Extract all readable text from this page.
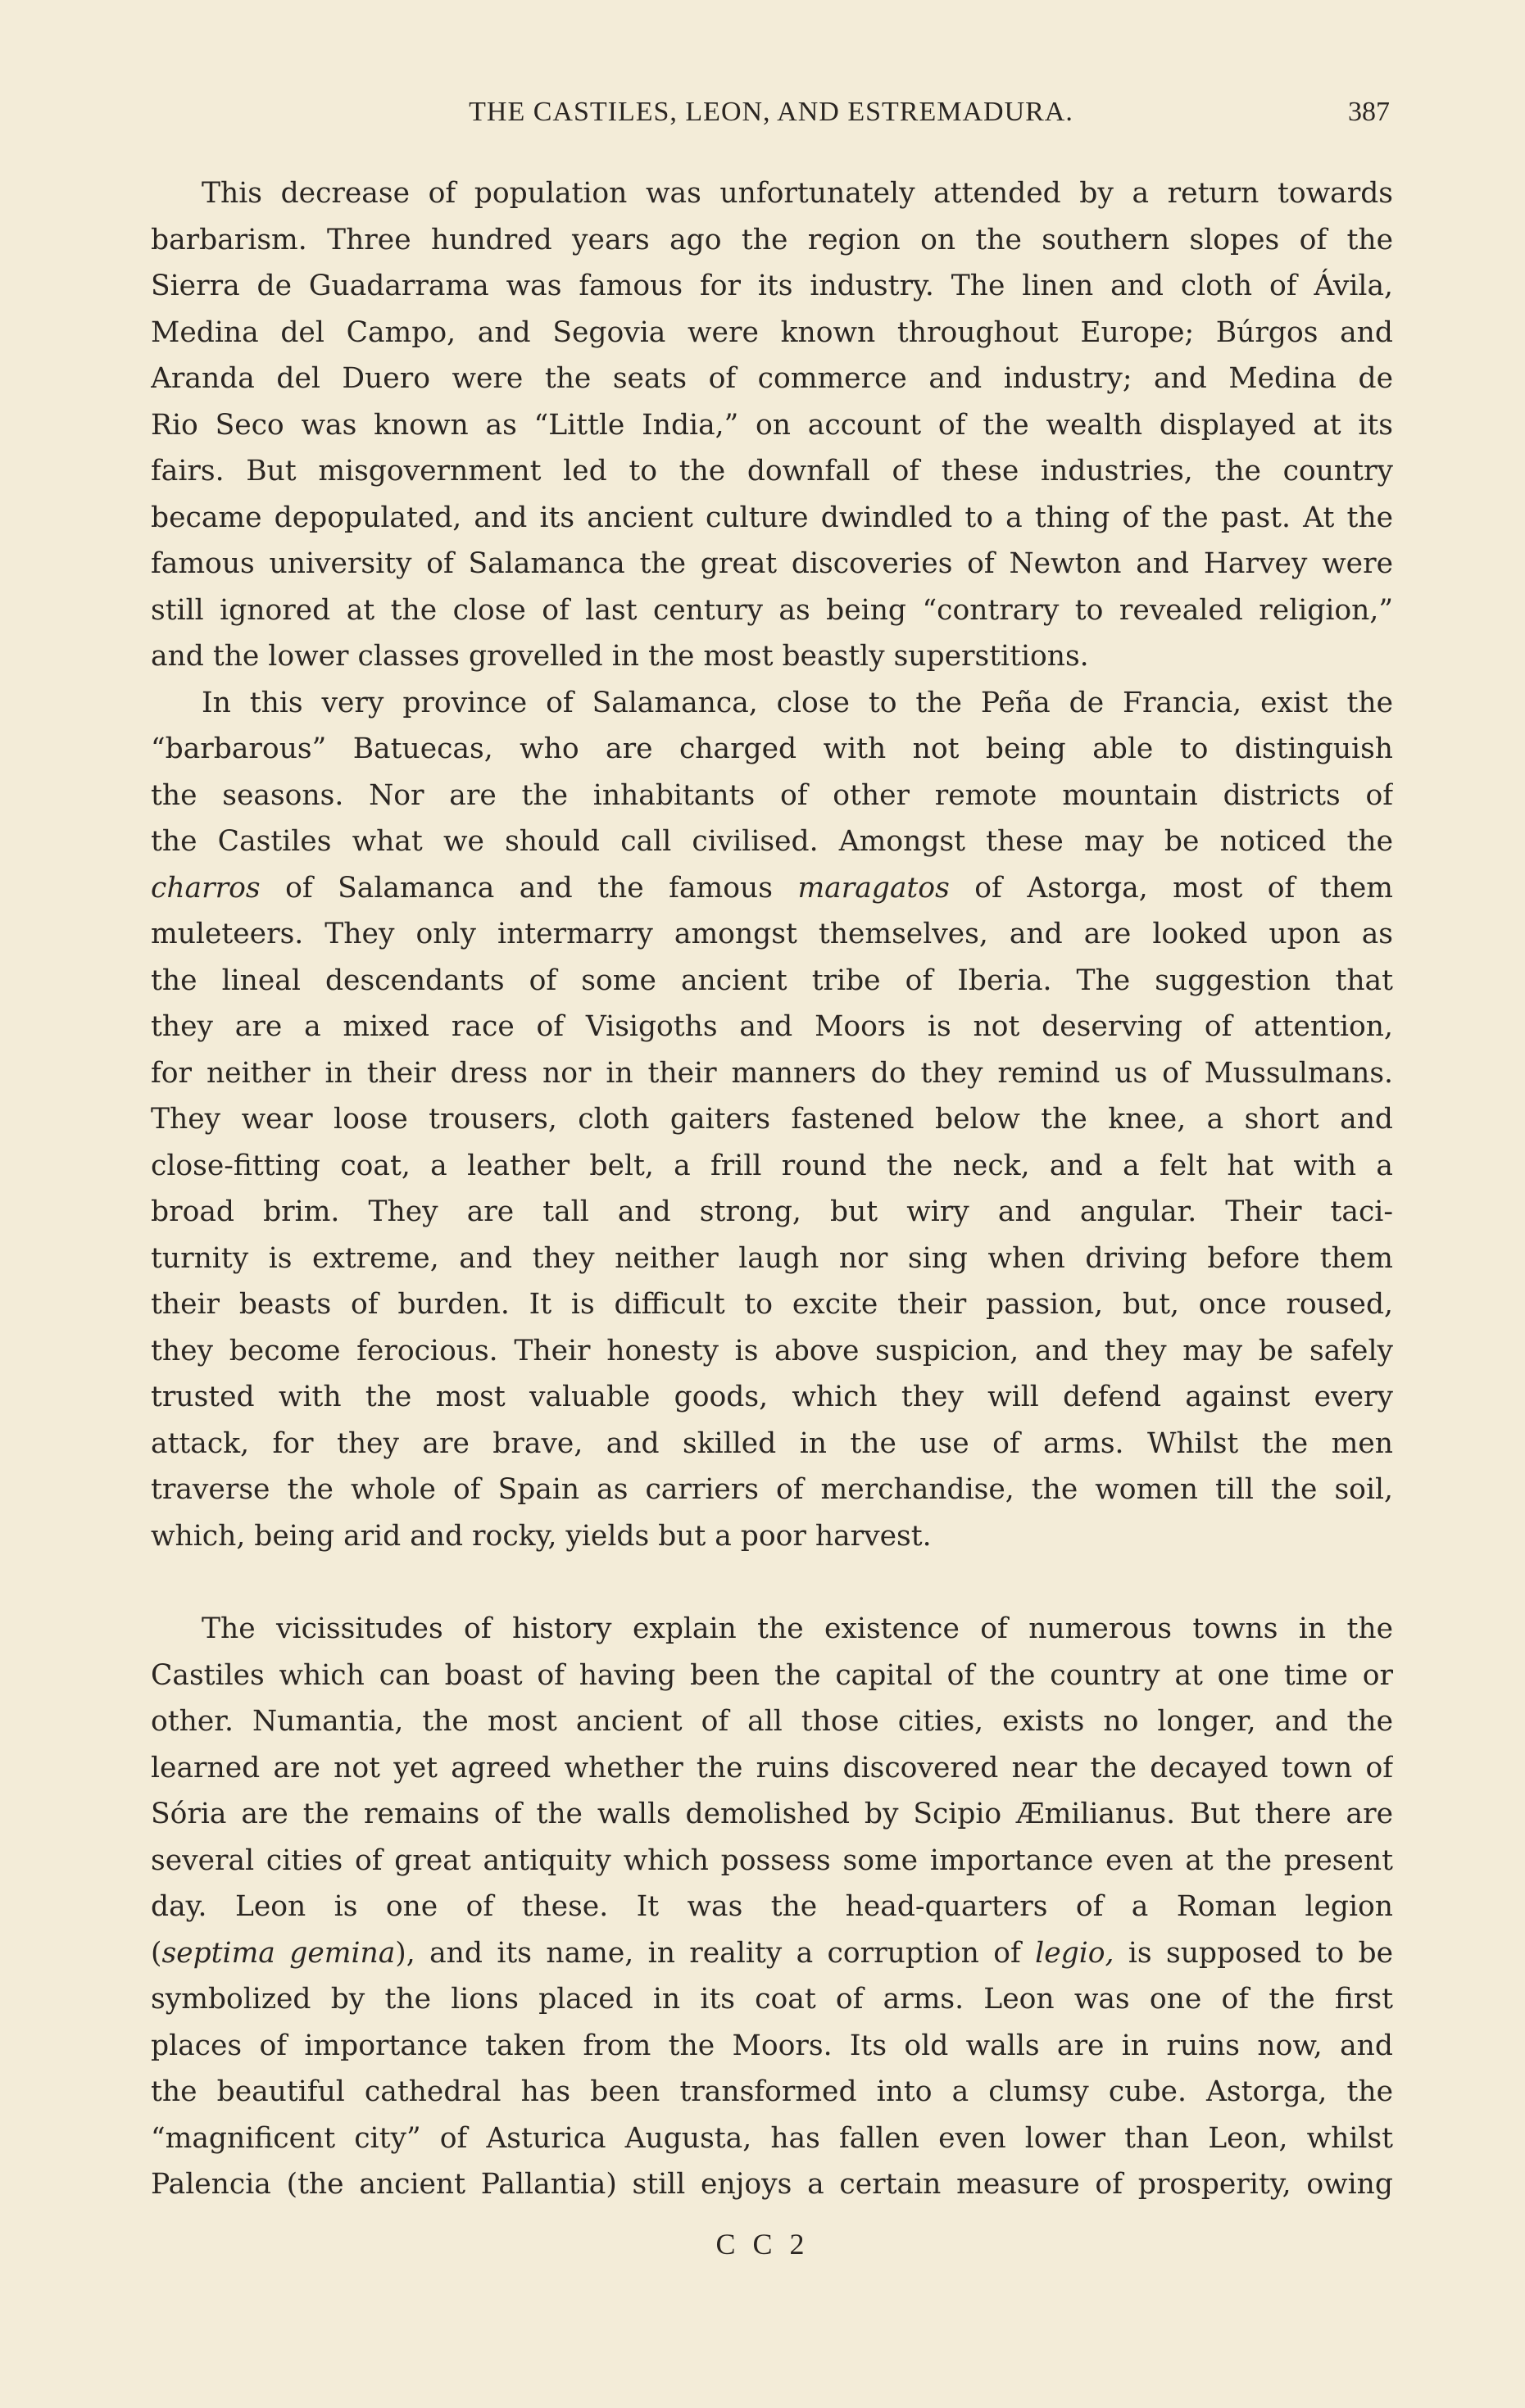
THE CASTILES, LEON, AND ESTREMADURA.	387
This decrease of population was unfortunately attended by a return towards
barbarism. Three hundred years ago the region on the southern slopes of the
Sierra de Guadarrama was famous for its industry. The linen and cloth of Ávila,
Medina del Campo, and Segovia were known throughout Europe; Búrgos and
Aranda del Duero were the seats of commerce and industry; and Medina de
Rio Seco was known as “Little India,” on account of the wealth displayed at its
fairs. But misgovernment led to the downfall of these industries, the country
became depopulated, and its ancient culture dwindled to a thing of the past. At the
famous university of Salamanca the great discoveries of Newton and Harvey were
still ignored at the close of last century as being “contrary to revealed religion,”
and the lower classes grovelled in the most beastly superstitions.
In this very province of Salamanca, close to the Peña de Francia, exist the
“barbarous” Batuecas, who are charged with not being able to distinguish
the seasons. Nor are the inhabitants of other remote mountain districts of
the Castiles what we should call civilised. Amongst these may be noticed the
charros of Salamanca and the famous maragatos of Astorga, most of them
muleteers. They only intermarry amongst themselves, and are looked upon as
the lineal descendants of some ancient tribe of Iberia. The suggestion that
they are a mixed race of Visigoths and Moors is not deserving of attention,
for neither in their dress nor in their manners do they remind us of Mussulmans.
They wear loose trousers, cloth gaiters fastened below the knee, a short and
close-fitting coat, a leather belt, a frill round the neck, and a felt hat with a
broad brim. They are tall and strong, but wiry and angular. Their taci-
turnity is extreme, and they neither laugh nor sing when driving before them
their beasts of burden. It is difficult to excite their passion, but, once roused,
they become ferocious. Their honesty is above suspicion, and they may be safely
trusted with the most valuable goods, which they will defend against every
attack, for they are brave, and skilled in the use of arms. Whilst the men
traverse the whole of Spain as carriers of merchandise, the women till the soil,
which, being arid and rocky, yields but a poor harvest.
The vicissitudes of history explain the existence of numerous towns in the
Castiles which can boast of having been the capital of the country at one time or
other. Numantia, the most ancient of all those cities, exists no longer, and the
learned are not yet agreed whether the ruins discovered near the decayed town of
Sória are the remains of the walls demolished by Scipio Æmilianus. But there are
several cities of great antiquity which possess some importance even at the present
day. Leon is one of these. It was the head-quarters of a Roman legion
(septima gemina), and its name, in reality a corruption of legio, is supposed to be
symbolized by the lions placed in its coat of arms. Leon was one of the first
places of importance taken from the Moors. Its old walls are in ruins now, and
the beautiful cathedral has been transformed into a clumsy cube. Astorga, the
“magnificent city” of Asturica Augusta, has fallen even lower than Leon, whilst
Palencia (the ancient Pallantia) still enjoys a certain measure of prosperity, owing
C C 2
